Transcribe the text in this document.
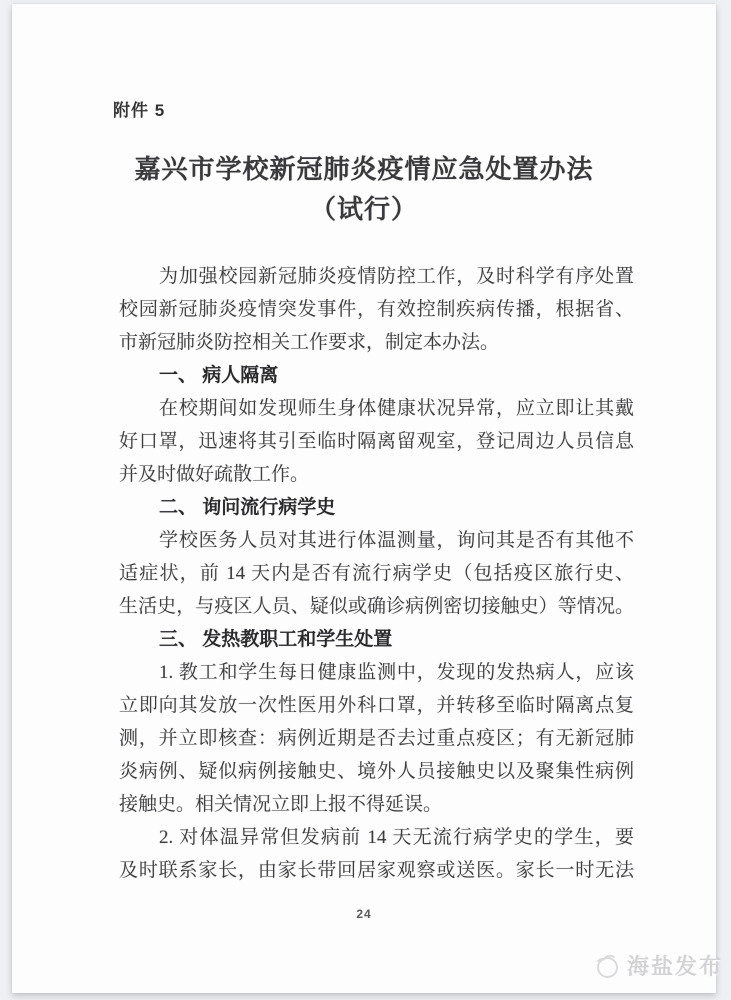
附件 5
嘉兴市学校新冠肺炎疫情应急处置办法
（试行）
为加强校园新冠肺炎疫情防控工作，及时科学有序处置
校园新冠肺炎疫情突发事件，有效控制疾病传播，根据省、
市新冠肺炎防控相关工作要求，制定本办法。
一、 病人隔离
在校期间如发现师生身体健康状况异常，应立即让其戴
好口罩，迅速将其引至临时隔离留观室，登记周边人员信息
并及时做好疏散工作。
二、 询问流行病学史
学校医务人员对其进行体温测量，询问其是否有其他不
适症状，前 14 天内是否有流行病学史（包括疫区旅行史、
生活史，与疫区人员、疑似或确诊病例密切接触史）等情况。
三、 发热教职工和学生处置
1. 教工和学生每日健康监测中，发现的发热病人，应该
立即向其发放一次性医用外科口罩，并转移至临时隔离点复
测，并立即核查：病例近期是否去过重点疫区；有无新冠肺
炎病例、疑似病例接触史、境外人员接触史以及聚集性病例
接触史。相关情况立即上报不得延误。
2. 对体温异常但发病前 14 天无流行病学史的学生，要
及时联系家长，由家长带回居家观察或送医。家长一时无法
24
海盐发布
